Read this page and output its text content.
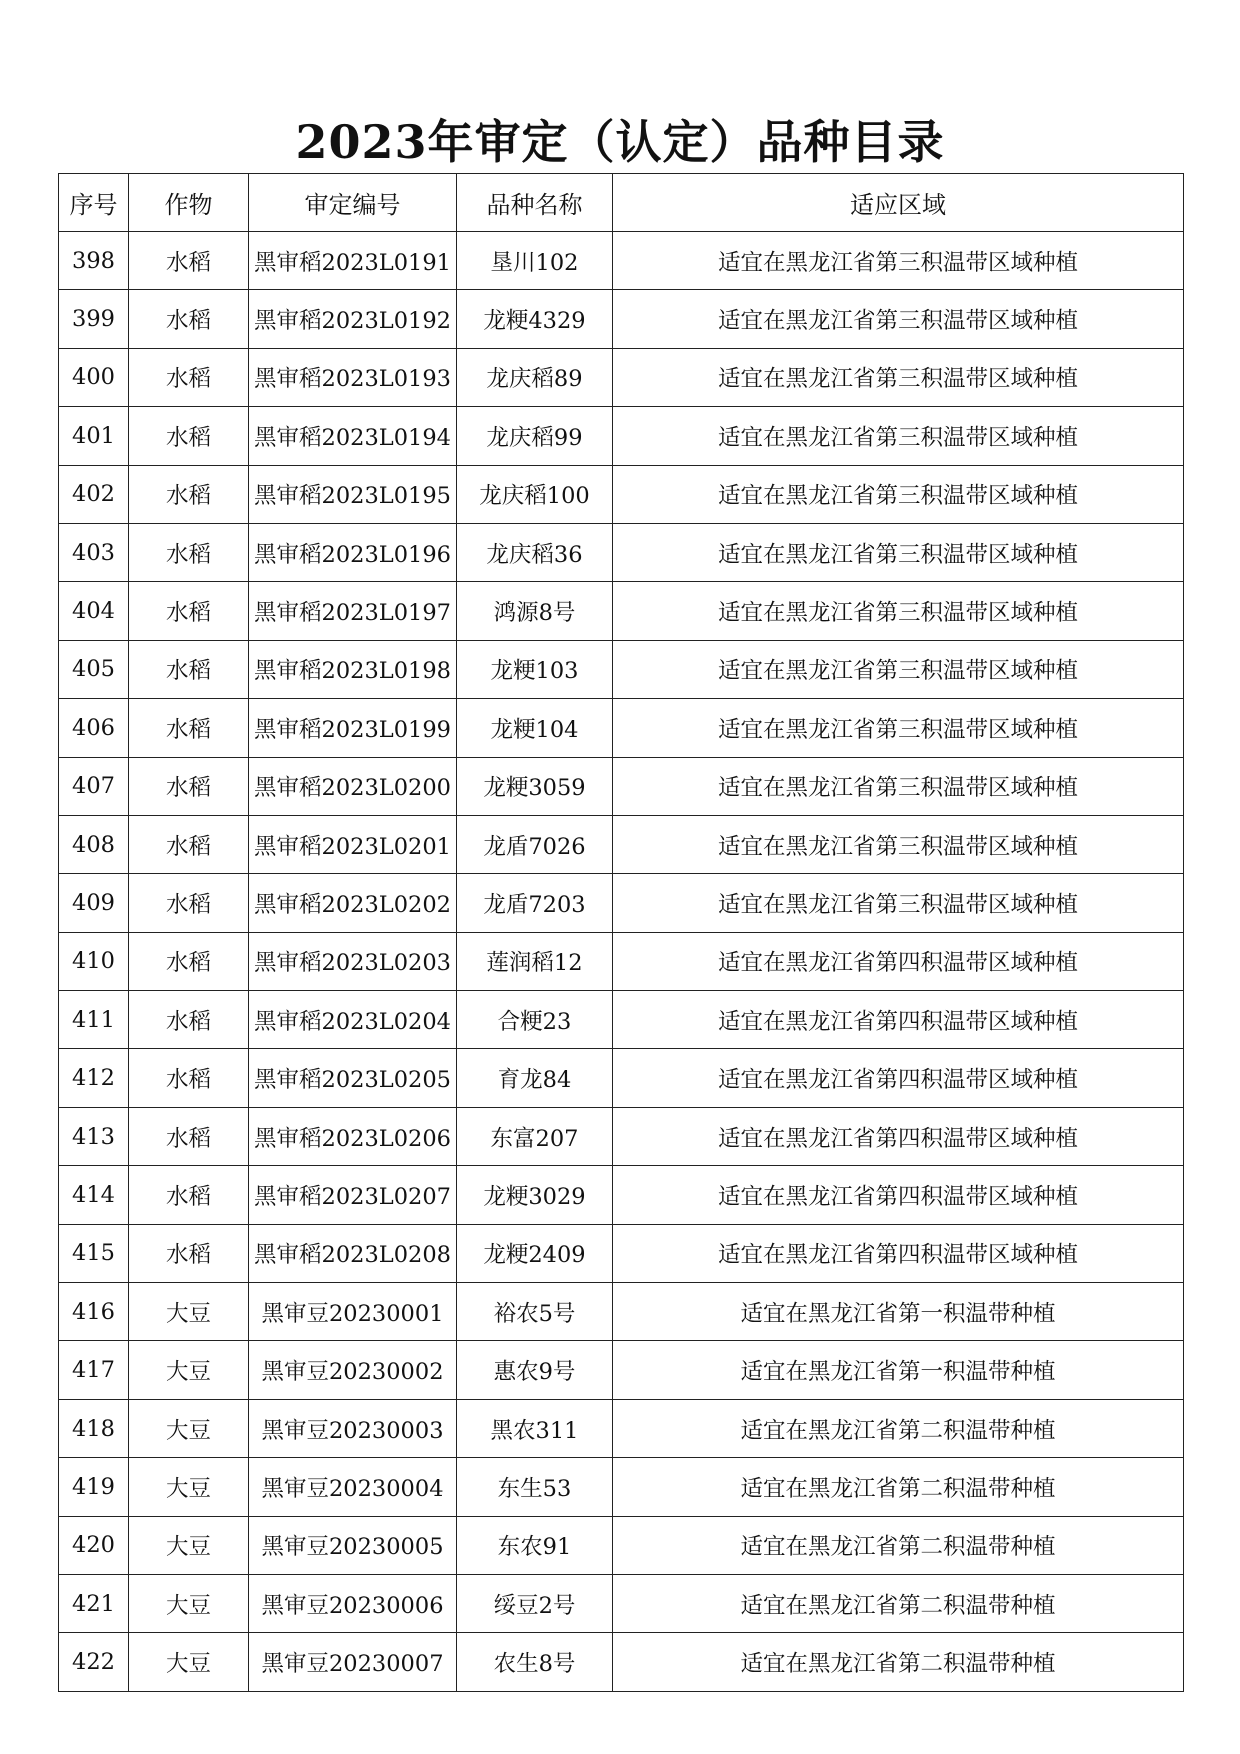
2023年审定（认定）品种目录
序号	作物	审定编号	品种名称	适应区域
398	水稻	黑审稻2023L0191	垦川102	适宜在黑龙江省第三积温带区域种植
399	水稻	黑审稻2023L0192	龙粳4329	适宜在黑龙江省第三积温带区域种植
400	水稻	黑审稻2023L0193	龙庆稻89	适宜在黑龙江省第三积温带区域种植
401	水稻	黑审稻2023L0194	龙庆稻99	适宜在黑龙江省第三积温带区域种植
402	水稻	黑审稻2023L0195	龙庆稻100	适宜在黑龙江省第三积温带区域种植
403	水稻	黑审稻2023L0196	龙庆稻36	适宜在黑龙江省第三积温带区域种植
404	水稻	黑审稻2023L0197	鸿源8号	适宜在黑龙江省第三积温带区域种植
405	水稻	黑审稻2023L0198	龙粳103	适宜在黑龙江省第三积温带区域种植
406	水稻	黑审稻2023L0199	龙粳104	适宜在黑龙江省第三积温带区域种植
407	水稻	黑审稻2023L0200	龙粳3059	适宜在黑龙江省第三积温带区域种植
408	水稻	黑审稻2023L0201	龙盾7026	适宜在黑龙江省第三积温带区域种植
409	水稻	黑审稻2023L0202	龙盾7203	适宜在黑龙江省第三积温带区域种植
410	水稻	黑审稻2023L0203	莲润稻12	适宜在黑龙江省第四积温带区域种植
411	水稻	黑审稻2023L0204	合粳23	适宜在黑龙江省第四积温带区域种植
412	水稻	黑审稻2023L0205	育龙84	适宜在黑龙江省第四积温带区域种植
413	水稻	黑审稻2023L0206	东富207	适宜在黑龙江省第四积温带区域种植
414	水稻	黑审稻2023L0207	龙粳3029	适宜在黑龙江省第四积温带区域种植
415	水稻	黑审稻2023L0208	龙粳2409	适宜在黑龙江省第四积温带区域种植
416	大豆	黑审豆20230001	裕农5号	适宜在黑龙江省第一积温带种植
417	大豆	黑审豆20230002	惠农9号	适宜在黑龙江省第一积温带种植
418	大豆	黑审豆20230003	黑农311	适宜在黑龙江省第二积温带种植
419	大豆	黑审豆20230004	东生53	适宜在黑龙江省第二积温带种植
420	大豆	黑审豆20230005	东农91	适宜在黑龙江省第二积温带种植
421	大豆	黑审豆20230006	绥豆2号	适宜在黑龙江省第二积温带种植
422	大豆	黑审豆20230007	农生8号	适宜在黑龙江省第二积温带种植
